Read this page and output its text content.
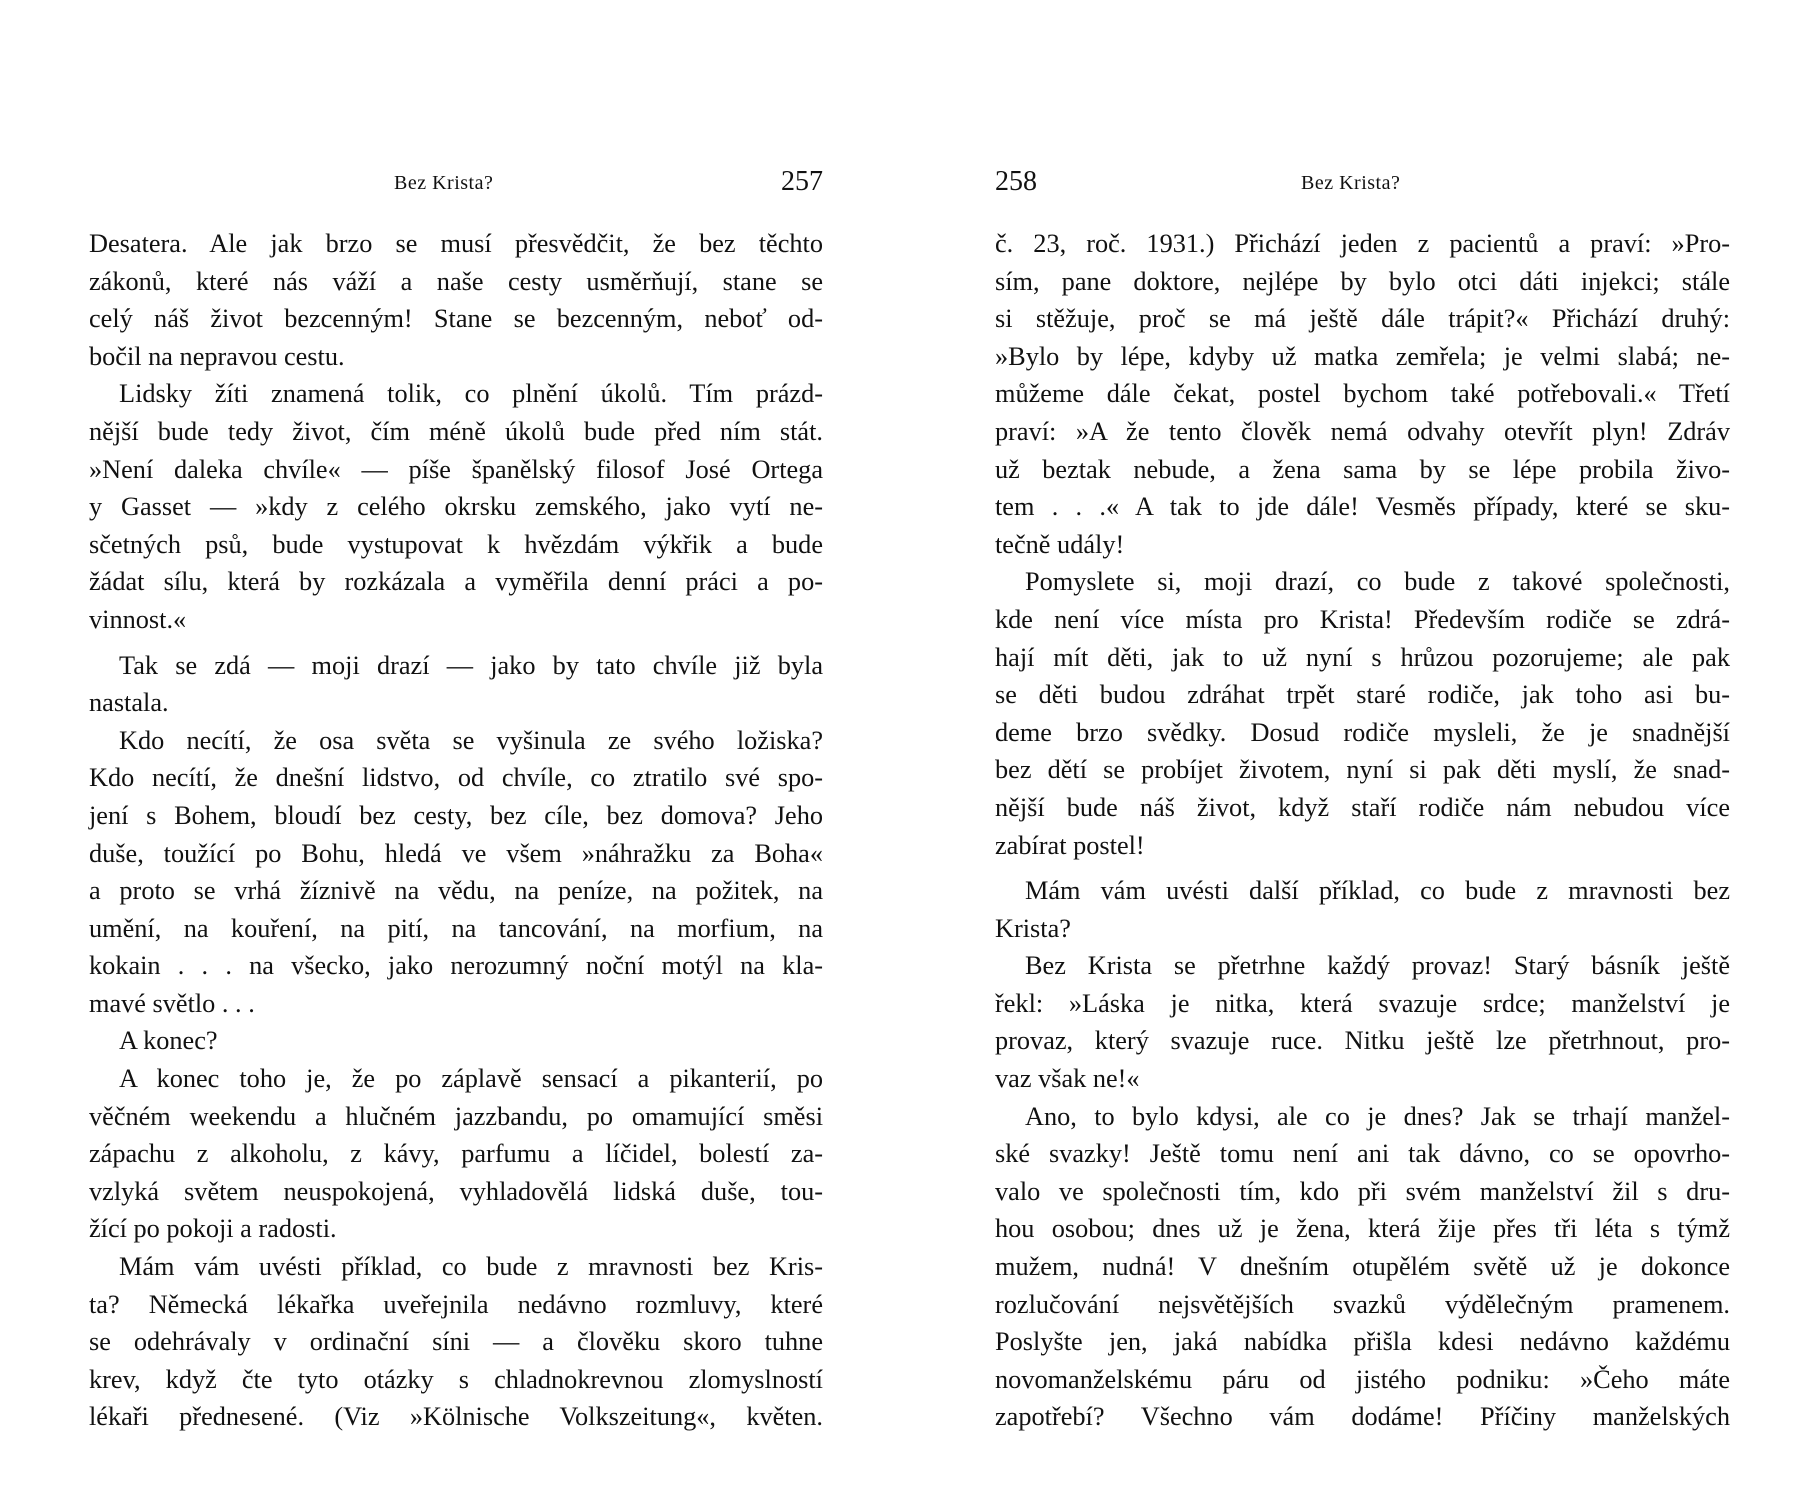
Bez Krista?	257
Desatera. Ale jak brzo se musí přesvědčit, že bez těchto
zákonů, které nás váží a naše cesty usměrňují, stane se
celý náš život bezcenným! Stane se bezcenným, neboť od-
bočil na nepravou cestu.
Lidsky žíti znamená tolik, co plnění úkolů. Tím prázd-
nější bude tedy život, čím méně úkolů bude před ním stát.
»Není daleka chvíle« — píše španělský filosof José Ortega
y Gasset — »kdy z celého okrsku zemského, jako vytí ne-
sčetných psů, bude vystupovat k hvězdám výkřik a bude
žádat sílu, která by rozkázala a vyměřila denní práci a po-
vinnost.«
Tak se zdá — moji drazí — jako by tato chvíle již byla
nastala.
Kdo necítí, že osa světa se vyšinula ze svého ložiska?
Kdo necítí, že dnešní lidstvo, od chvíle, co ztratilo své spo-
jení s Bohem, bloudí bez cesty, bez cíle, bez domova? Jeho
duše, toužící po Bohu, hledá ve všem »náhražku za Boha«
a proto se vrhá žíznivě na vědu, na peníze, na požitek, na
umění, na kouření, na pití, na tancování, na morfium, na
kokain . . . na všecko, jako nerozumný noční motýl na kla-
mavé světlo . . .
A konec?
A konec toho je, že po záplavě sensací a pikanterií, po
věčném weekendu a hlučném jazzbandu, po omamující směsi
zápachu z alkoholu, z kávy, parfumu a líčidel, bolestí za-
vzlyká světem neuspokojená, vyhladovělá lidská duše, tou-
žící po pokoji a radosti.
Mám vám uvésti příklad, co bude z mravnosti bez Kris-
ta? Německá lékařka uveřejnila nedávno rozmluvy, které
se odehrávaly v ordinační síni — a člověku skoro tuhne
krev, když čte tyto otázky s chladnokrevnou zlomyslností
lékaři přednesené. (Viz »Kölnische Volkszeitung«, květen.
258	Bez Krista?
č. 23, roč. 1931.) Přichází jeden z pacientů a praví: »Pro-
sím, pane doktore, nejlépe by bylo otci dáti injekci; stále
si stěžuje, proč se má ještě dále trápit?« Přichází druhý:
»Bylo by lépe, kdyby už matka zemřela; je velmi slabá; ne-
můžeme dále čekat, postel bychom také potřebovali.« Třetí
praví: »A že tento člověk nemá odvahy otevřít plyn! Zdráv
už beztak nebude, a žena sama by se lépe probila živo-
tem . . .« A tak to jde dále! Vesměs případy, které se sku-
tečně udály!
Pomyslete si, moji drazí, co bude z takové společnosti,
kde není více místa pro Krista! Především rodiče se zdrá-
hají mít děti, jak to už nyní s hrůzou pozorujeme; ale pak
se děti budou zdráhat trpět staré rodiče, jak toho asi bu-
deme brzo svědky. Dosud rodiče mysleli, že je snadnější
bez dětí se probíjet životem, nyní si pak děti myslí, že snad-
nější bude náš život, když staří rodiče nám nebudou více
zabírat postel!
Mám vám uvésti další příklad, co bude z mravnosti bez
Krista?
Bez Krista se přetrhne každý provaz! Starý básník ještě
řekl: »Láska je nitka, která svazuje srdce; manželství je
provaz, který svazuje ruce. Nitku ještě lze přetrhnout, pro-
vaz však ne!«
Ano, to bylo kdysi, ale co je dnes? Jak se trhají manžel-
ské svazky! Ještě tomu není ani tak dávno, co se opovrho-
valo ve společnosti tím, kdo při svém manželství žil s dru-
hou osobou; dnes už je žena, která žije přes tři léta s týmž
mužem, nudná! V dnešním otupělém světě už je dokonce
rozlučování nejsvětějších svazků výdělečným pramenem.
Poslyšte jen, jaká nabídka přišla kdesi nedávno každému
novomanželskému páru od jistého podniku: »Čeho máte
zapotřebí? Všechno vám dodáme! Příčiny manželských
